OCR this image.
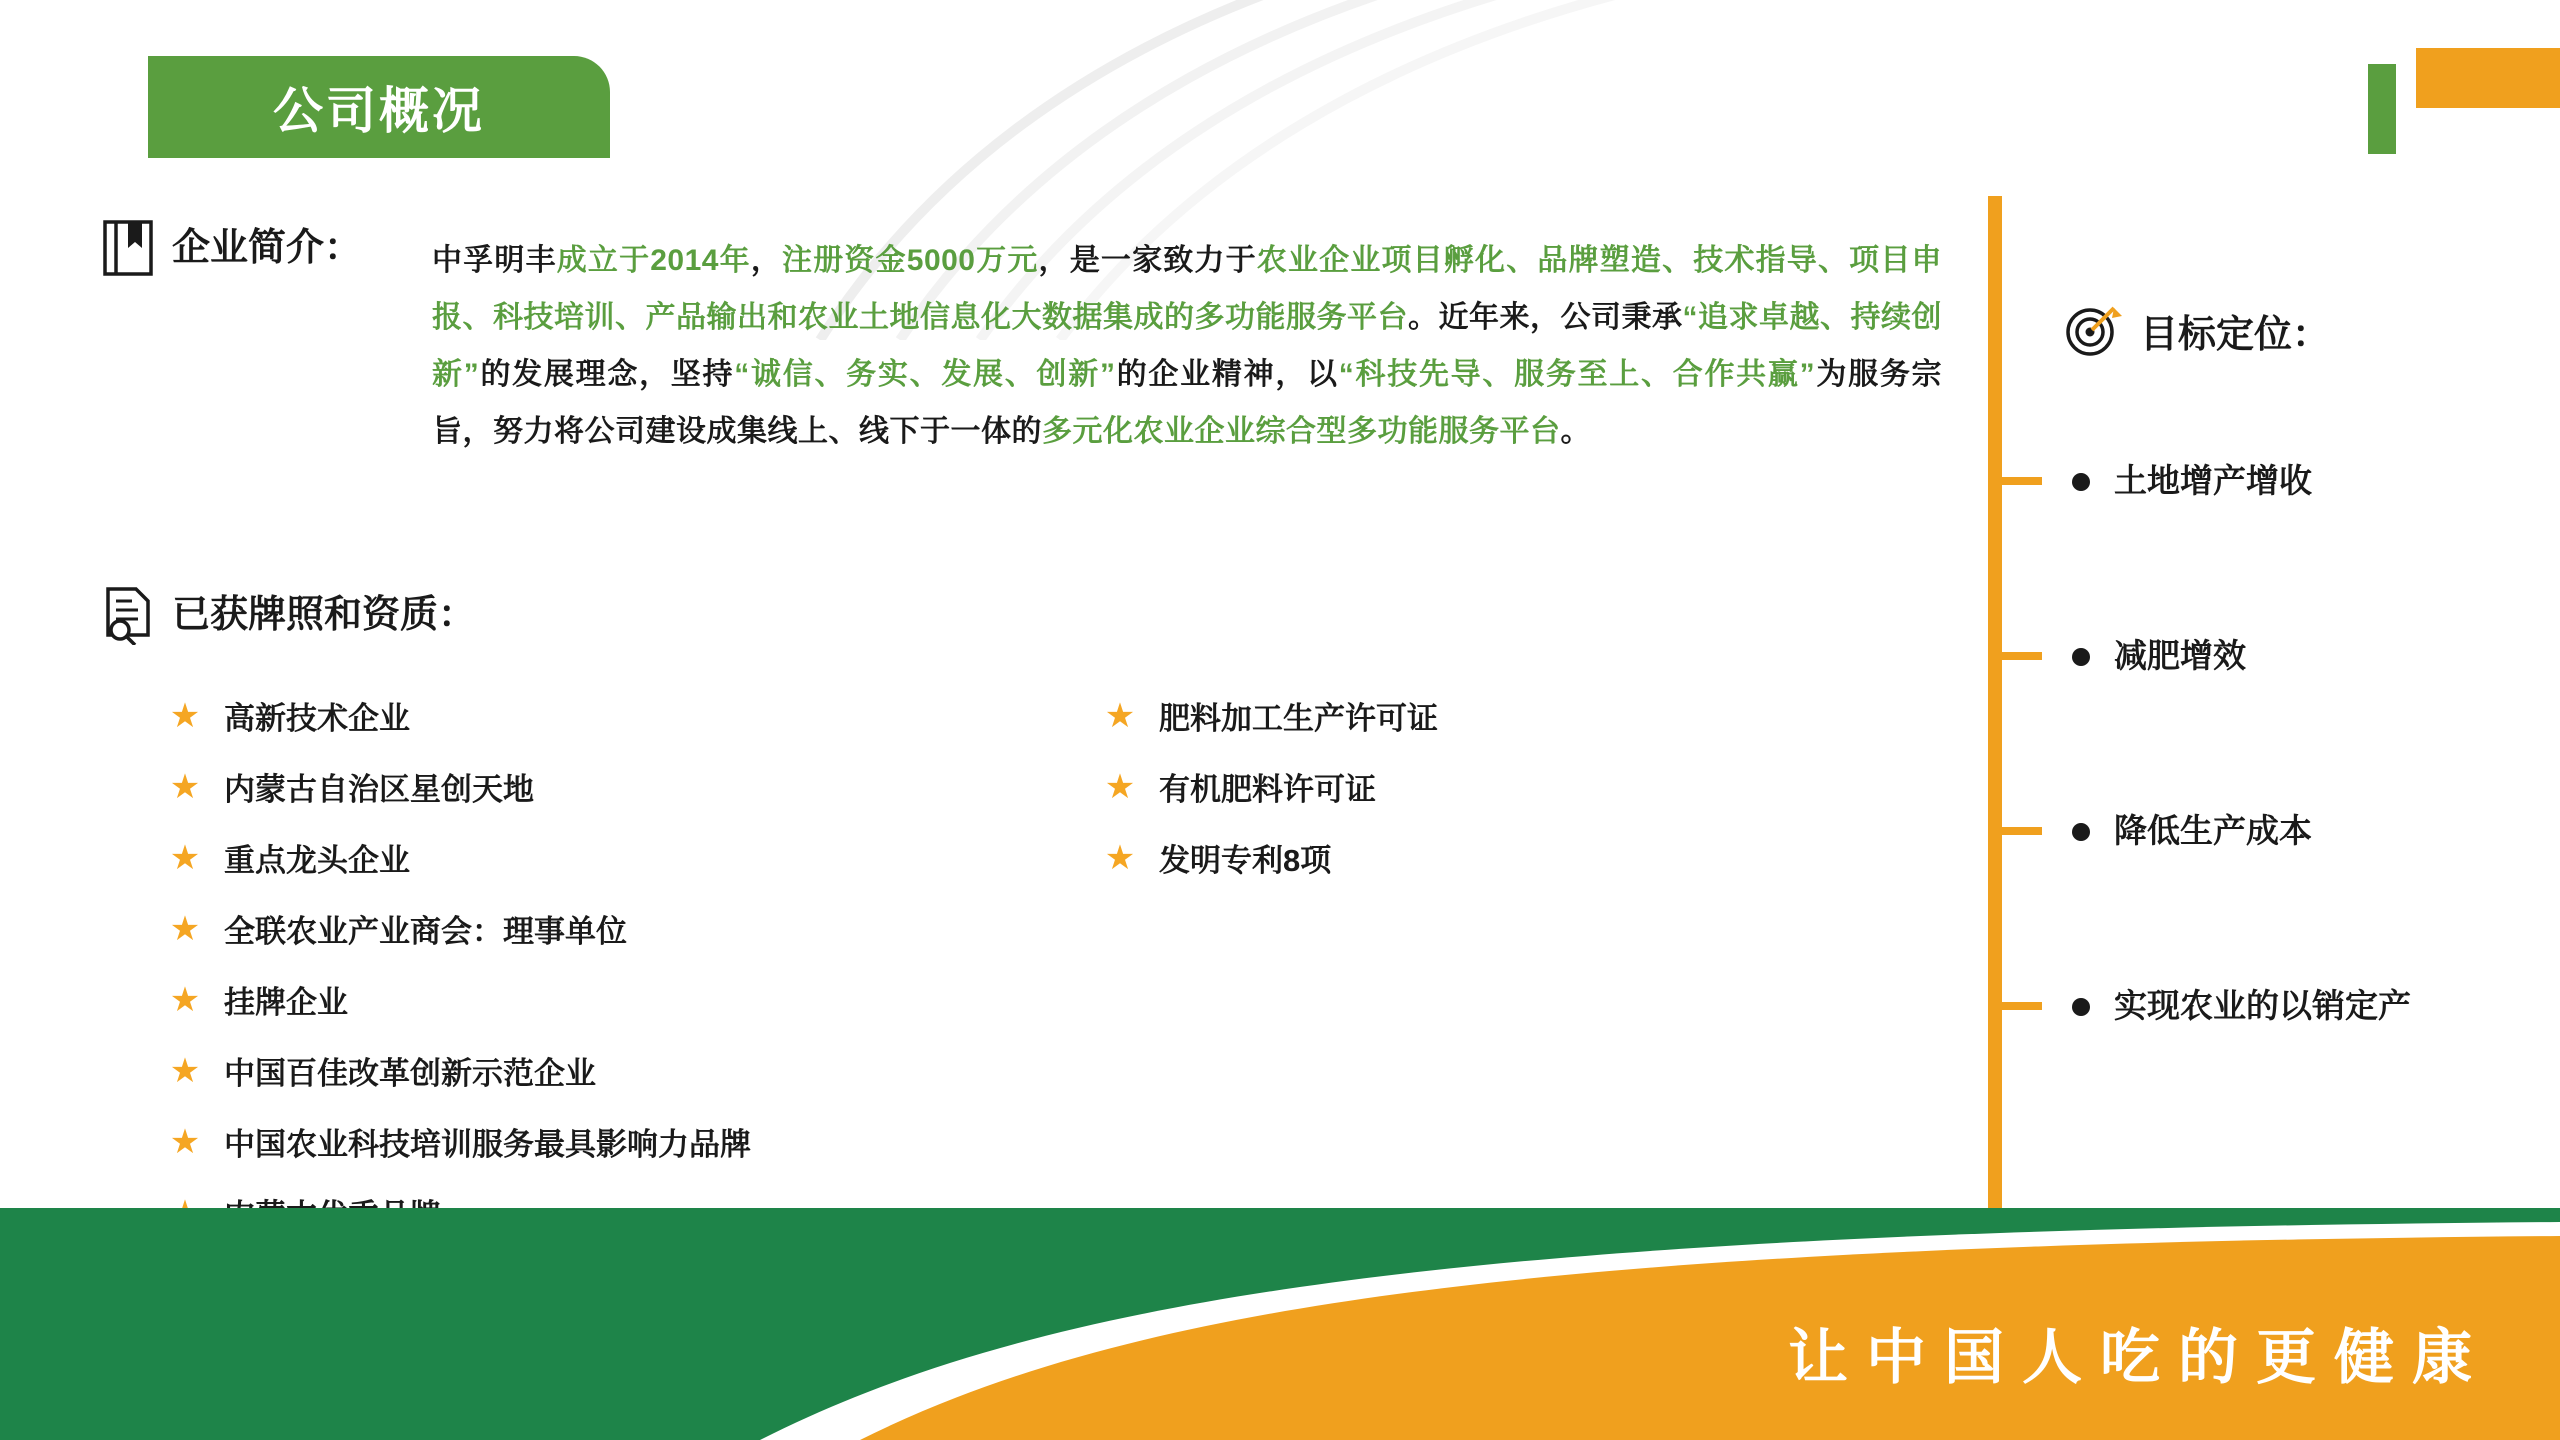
公司概况
企业简介： 中孚明丰成立于2014年，注册资金5000万元，是一家致力于农业企业项目孵化、品牌塑造、技术指导、项目申报、科技培训、产品输出和农业土地信息化大数据集成的多功能服务平台。近年来，公司秉承“追求卓越、持续创新”的发展理念，坚持“诚信、务实、发展、创新”的企业精神，以“科技先导、服务至上、合作共赢”为服务宗旨，努力将公司建设成集线上、线下于一体的多元化农业企业综合型多功能服务平台。
已获牌照和资质：
★ 高新技术企业
★ 内蒙古自治区星创天地
★ 重点龙头企业
★ 全联农业产业商会：理事单位
★ 挂牌企业
★ 中国百佳改革创新示范企业
★ 中国农业科技培训服务最具影响力品牌
★ 肥料加工生产许可证
★ 有机肥料许可证
★ 发明专利8项
目标定位：
土地增产增收
减肥增效
降低生产成本
实现农业的以销定产
让中国人吃的更健康
